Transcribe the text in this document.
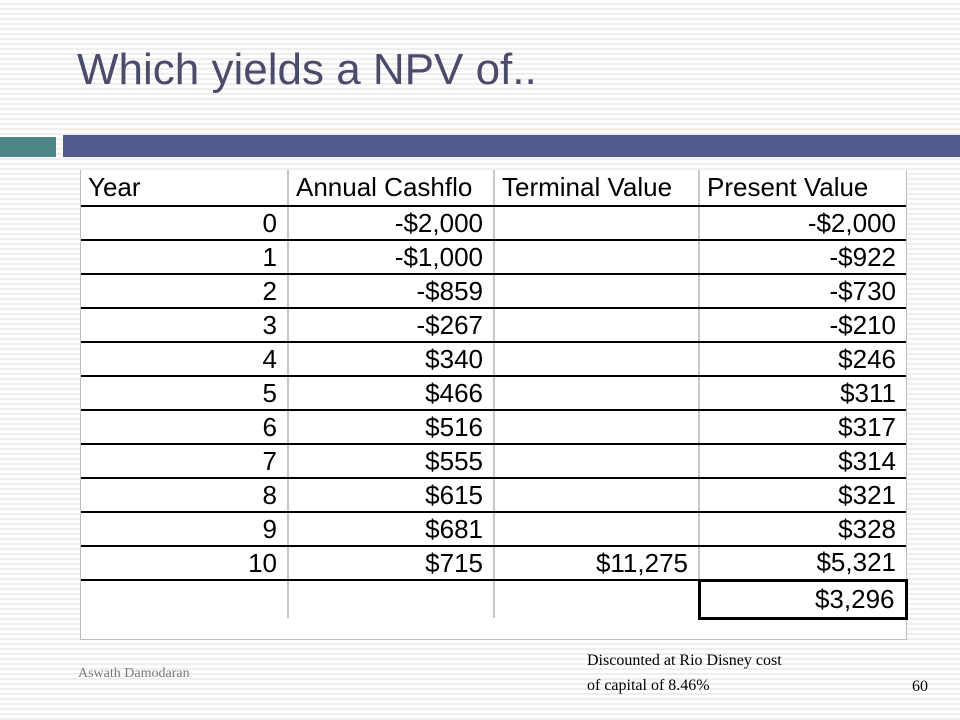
Which yields a NPV of..
Year	Annual Cashflo	Terminal Value	Present Value
0	-$2,000		-$2,000
1	-$1,000		-$922
2	-$859		-$730
3	-$267		-$210
4	$340		$246
5	$466		$311
6	$516		$317
7	$555		$314
8	$615		$321
9	$681		$328
10	$715	$11,275	$5,321
			$3,296
Discounted at Rio Disney cost
of capital of 8.46%
Aswath Damodaran
60
